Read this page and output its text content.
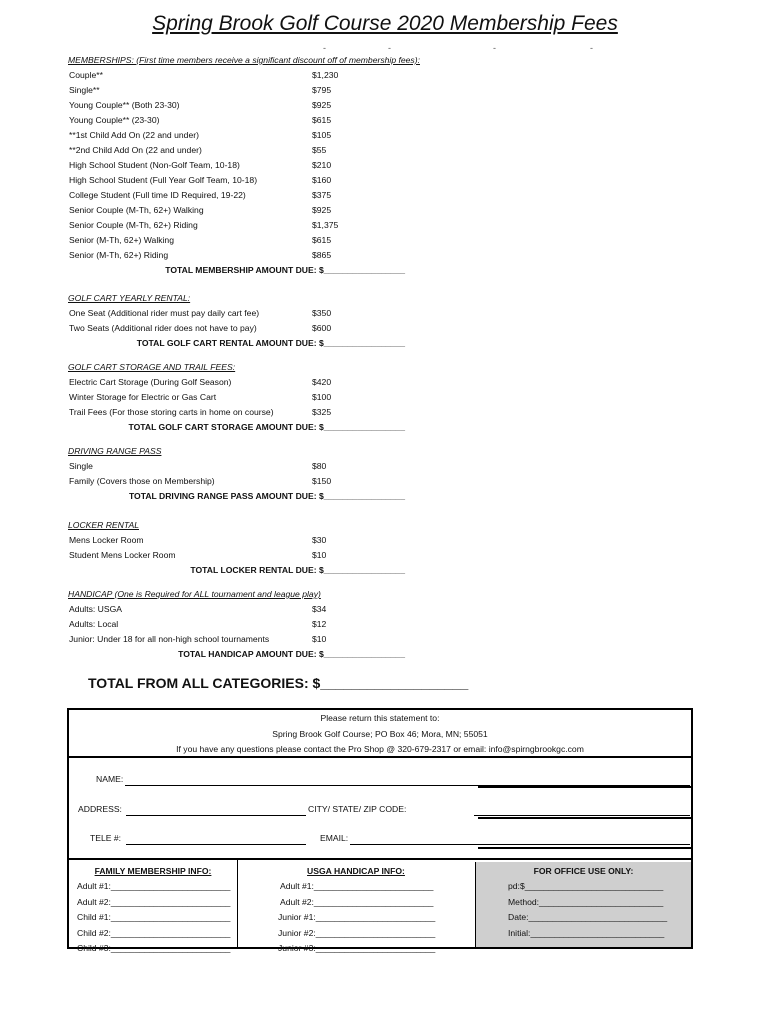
Spring Brook Golf Course 2020 Membership Fees
-	-	-	-
MEMBERSHIPS: (First time members receive a significant discount off of membership fees):
Couple**	$1,230
Single**	$795
Young Couple** (Both 23-30)	$925
Young Couple** (23-30)	$615
**1st Child Add On (22 and under)	$105
**2nd Child Add On (22 and under)	$55
High School Student (Non-Golf Team, 10-18)	$210
High School Student (Full Year Golf Team, 10-18)	$160
College Student (Full time ID Required, 19-22)	$375
Senior Couple (M-Th, 62+) Walking	$925
Senior Couple (M-Th, 62+) Riding	$1,375
Senior (M-Th, 62+) Walking	$615
Senior (M-Th, 62+) Riding	$865
TOTAL MEMBERSHIP AMOUNT DUE: $_________________
GOLF CART YEARLY RENTAL:
One Seat (Additional rider must pay daily cart fee)	$350
Two Seats (Additional rider does not have to pay)	$600
TOTAL GOLF CART RENTAL AMOUNT DUE: $_________________
GOLF CART STORAGE AND TRAIL FEES:
Electric Cart Storage (During Golf Season)	$420
Winter Storage for Electric or Gas Cart	$100
Trail Fees (For those storing carts in home on course)	$325
TOTAL GOLF CART STORAGE AMOUNT DUE: $_________________
DRIVING RANGE PASS
Single	$80
Family (Covers those on Membership)	$150
TOTAL DRIVING RANGE PASS AMOUNT DUE: $_________________
LOCKER RENTAL
Mens Locker Room	$30
Student Mens Locker Room	$10
TOTAL LOCKER RENTAL DUE: $_________________
HANDICAP (One is Required for ALL tournament and league play)
Adults: USGA	$34
Adults: Local	$12
Junior: Under 18 for all non-high school tournaments	$10
TOTAL HANDICAP AMOUNT DUE: $_________________
TOTAL FROM ALL CATEGORIES: $___________________
Please return this statement to:
Spring Brook Golf Course; PO Box 46; Mora, MN; 55051
If you have any questions please contact the Pro Shop @ 320-679-2317 or email: info@spirngbrookgc.com
NAME:
ADDRESS:	CITY/ STATE/ ZIP CODE:
TELE #:	EMAIL:
FAMILY MEMBERSHIP INFO:
Adult #1:_________________________
Adult #2:_________________________
Child #1:_________________________
Child #2:_________________________
Child #3:_________________________
USGA HANDICAP INFO:
Adult #1:_________________________
Adult #2:_________________________
Junior #1:_________________________
Junior #2:_________________________
Junior #3:_________________________
FOR OFFICE USE ONLY:
pd:$_____________________________
Method:__________________________
Date:_____________________________
Initial:____________________________
